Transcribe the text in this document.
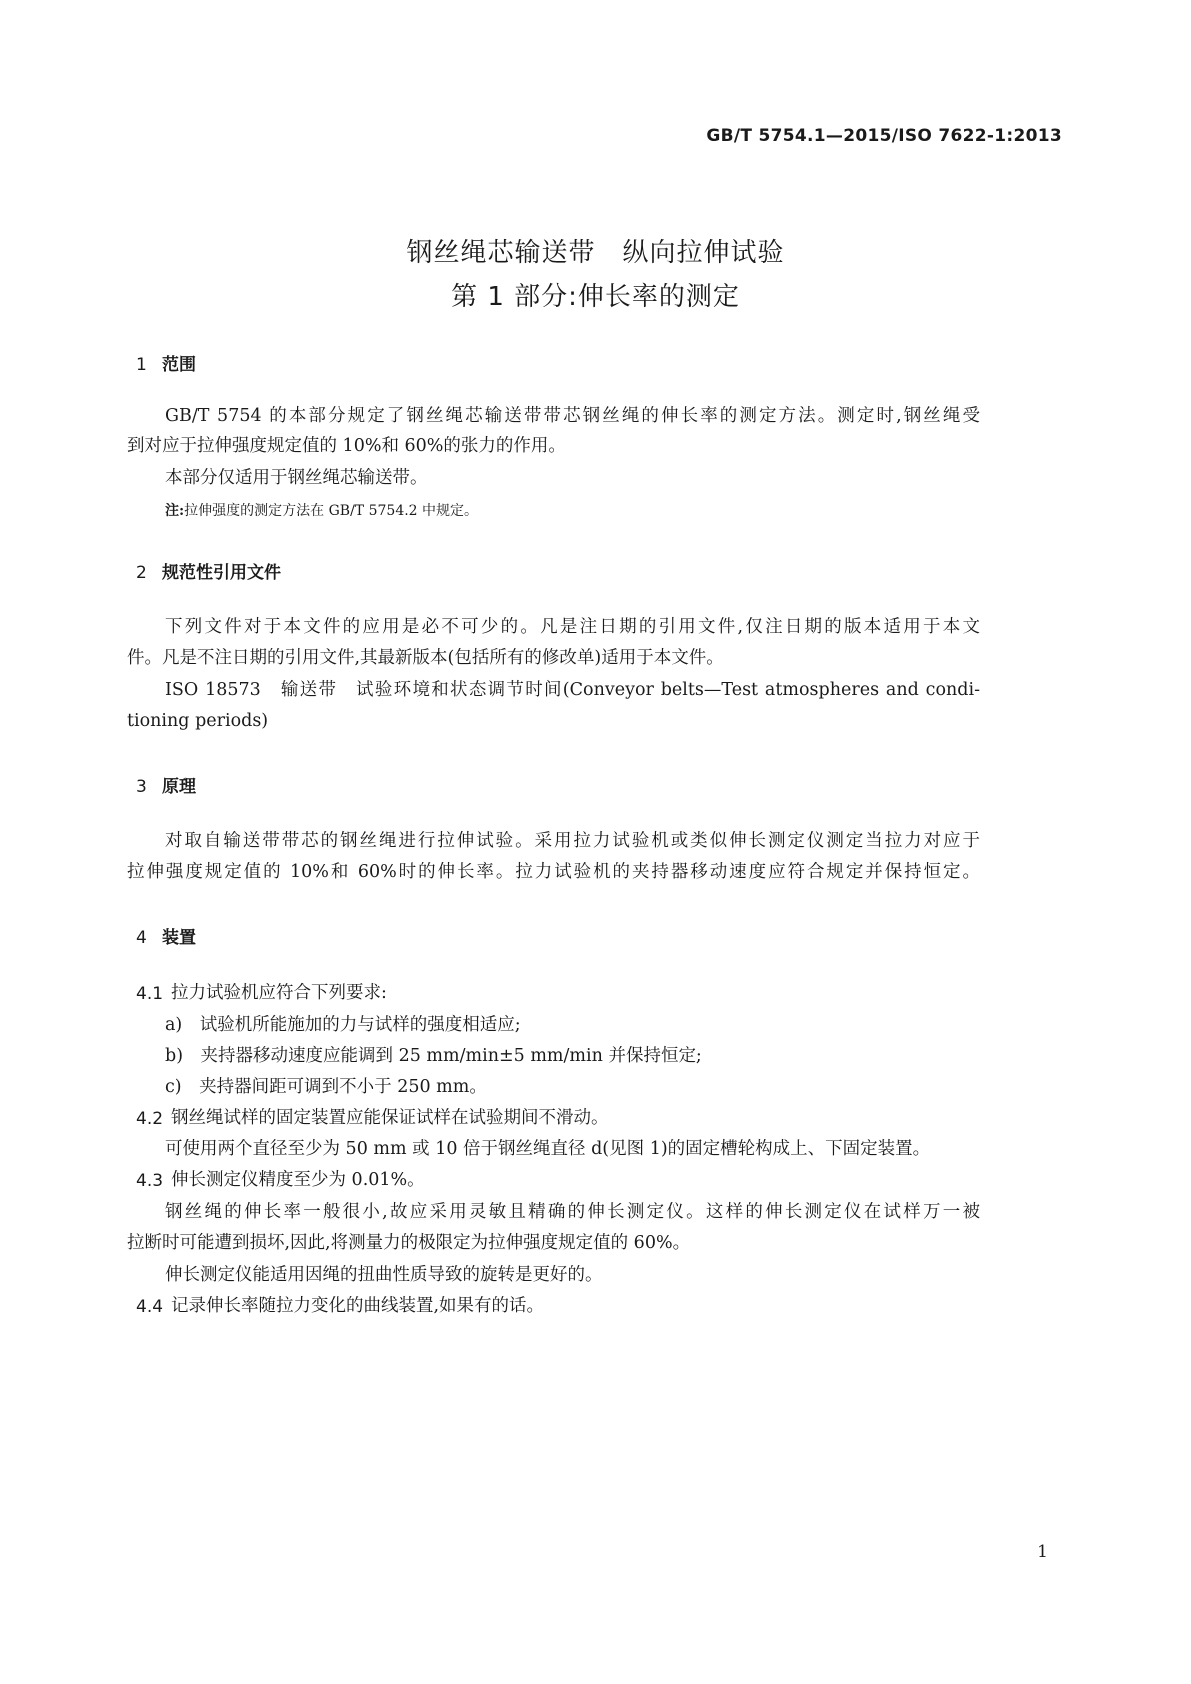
GB/T 5754.1—2015/ISO 7622-1:2013
钢丝绳芯输送带　纵向拉伸试验
第 1 部分:伸长率的测定
1 范围
GB/T 5754 的本部分规定了钢丝绳芯输送带带芯钢丝绳的伸长率的测定方法。测定时,钢丝绳受
到对应于拉伸强度规定值的 10%和 60%的张力的作用。
本部分仅适用于钢丝绳芯输送带。
注:拉伸强度的测定方法在 GB/T 5754.2 中规定。
2 规范性引用文件
下列文件对于本文件的应用是必不可少的。凡是注日期的引用文件,仅注日期的版本适用于本文
件。凡是不注日期的引用文件,其最新版本(包括所有的修改单)适用于本文件。
ISO 18573　输送带　试验环境和状态调节时间(Conveyor belts—Test atmospheres and condi-
tioning periods)
3 原理
对取自输送带带芯的钢丝绳进行拉伸试验。采用拉力试验机或类似伸长测定仪测定当拉力对应于
拉伸强度规定值的 10%和 60%时的伸长率。拉力试验机的夹持器移动速度应符合规定并保持恒定。
4 装置
4.1 拉力试验机应符合下列要求:
a)　试验机所能施加的力与试样的强度相适应;
b)　夹持器移动速度应能调到 25 mm/min±5 mm/min 并保持恒定;
c)　夹持器间距可调到不小于 250 mm。
4.2 钢丝绳试样的固定装置应能保证试样在试验期间不滑动。
可使用两个直径至少为 50 mm 或 10 倍于钢丝绳直径 d(见图 1)的固定槽轮构成上、下固定装置。
4.3 伸长测定仪精度至少为 0.01%。
钢丝绳的伸长率一般很小,故应采用灵敏且精确的伸长测定仪。这样的伸长测定仪在试样万一被
拉断时可能遭到损坏,因此,将测量力的极限定为拉伸强度规定值的 60%。
伸长测定仪能适用因绳的扭曲性质导致的旋转是更好的。
4.4 记录伸长率随拉力变化的曲线装置,如果有的话。
1
